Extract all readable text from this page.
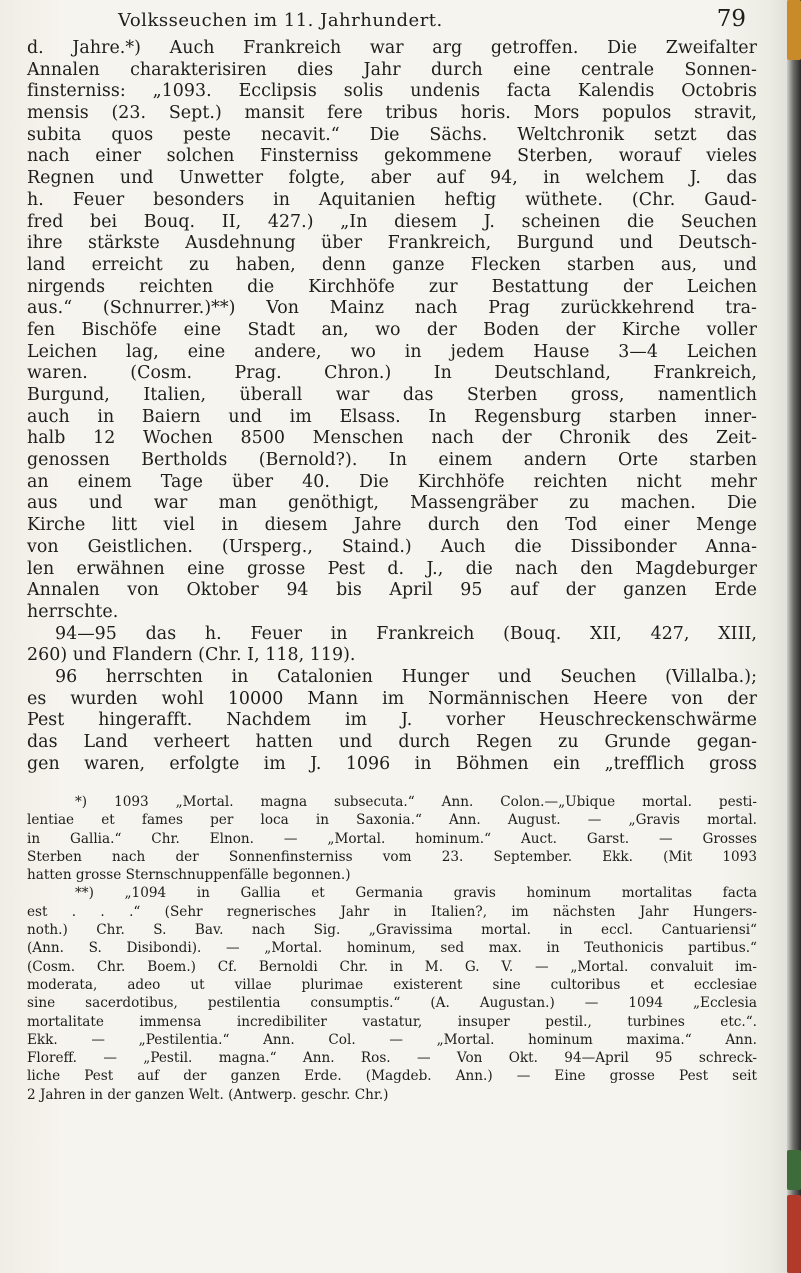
Volksseuchen im 11. Jahrhundert.	79
d. Jahre.*) Auch Frankreich war arg getroffen. Die Zweifalter
Annalen charakterisiren dies Jahr durch eine centrale Sonnen-
finsterniss: „1093. Ecclipsis solis undenis facta Kalendis Octobris
mensis (23. Sept.) mansit fere tribus horis. Mors populos stravit,
subita quos peste necavit.“ Die Sächs. Weltchronik setzt das
nach einer solchen Finsterniss gekommene Sterben, worauf vieles
Regnen und Unwetter folgte, aber auf 94, in welchem J. das
h. Feuer besonders in Aquitanien heftig wüthete. (Chr. Gaud-
fred bei Bouq. II, 427.) „In diesem J. scheinen die Seuchen
ihre stärkste Ausdehnung über Frankreich, Burgund und Deutsch-
land erreicht zu haben, denn ganze Flecken starben aus, und
nirgends reichten die Kirchhöfe zur Bestattung der Leichen
aus.“ (Schnurrer.)**) Von Mainz nach Prag zurückkehrend tra-
fen Bischöfe eine Stadt an, wo der Boden der Kirche voller
Leichen lag, eine andere, wo in jedem Hause 3—4 Leichen
waren. (Cosm. Prag. Chron.) In Deutschland, Frankreich,
Burgund, Italien, überall war das Sterben gross, namentlich
auch in Baiern und im Elsass. In Regensburg starben inner-
halb 12 Wochen 8500 Menschen nach der Chronik des Zeit-
genossen Bertholds (Bernold?). In einem andern Orte starben
an einem Tage über 40. Die Kirchhöfe reichten nicht mehr
aus und war man genöthigt, Massengräber zu machen. Die
Kirche litt viel in diesem Jahre durch den Tod einer Menge
von Geistlichen. (Ursperg., Staind.) Auch die Dissibonder Anna-
len erwähnen eine grosse Pest d. J., die nach den Magdeburger
Annalen von Oktober 94 bis April 95 auf der ganzen Erde
herrschte.
94—95 das h. Feuer in Frankreich (Bouq. XII, 427, XIII,
260) und Flandern (Chr. I, 118, 119).
96 herrschten in Catalonien Hunger und Seuchen (Villalba.);
es wurden wohl 10000 Mann im Normännischen Heere von der
Pest hingerafft. Nachdem im J. vorher Heuschreckenschwärme
das Land verheert hatten und durch Regen zu Grunde gegan-
gen waren, erfolgte im J. 1096 in Böhmen ein „trefflich gross
*) 1093 „Mortal. magna subsecuta.“ Ann. Colon.—„Ubique mortal. pesti-
lentiae et fames per loca in Saxonia.“ Ann. August. — „Gravis mortal.
in Gallia.“ Chr. Elnon. — „Mortal. hominum.“ Auct. Garst. — Grosses
Sterben nach der Sonnenfinsterniss vom 23. September. Ekk. (Mit 1093
hatten grosse Sternschnuppenfälle begonnen.)
**) „1094 in Gallia et Germania gravis hominum mortalitas facta
est . . .“ (Sehr regnerisches Jahr in Italien?, im nächsten Jahr Hungers-
noth.) Chr. S. Bav. nach Sig. „Gravissima mortal. in eccl. Cantuariensi“
(Ann. S. Disibondi). — „Mortal. hominum, sed max. in Teuthonicis partibus.“
(Cosm. Chr. Boem.) Cf. Bernoldi Chr. in M. G. V. — „Mortal. convaluit im-
moderata, adeo ut villae plurimae existerent sine cultoribus et ecclesiae
sine sacerdotibus, pestilentia consumptis.“ (A. Augustan.) — 1094 „Ecclesia
mortalitate immensa incredibiliter vastatur, insuper pestil., turbines etc.“.
Ekk. — „Pestilentia.“ Ann. Col. — „Mortal. hominum maxima.“ Ann.
Floreff. — „Pestil. magna.“ Ann. Ros. — Von Okt. 94—April 95 schreck-
liche Pest auf der ganzen Erde. (Magdeb. Ann.) — Eine grosse Pest seit
2 Jahren in der ganzen Welt. (Antwerp. geschr. Chr.)
